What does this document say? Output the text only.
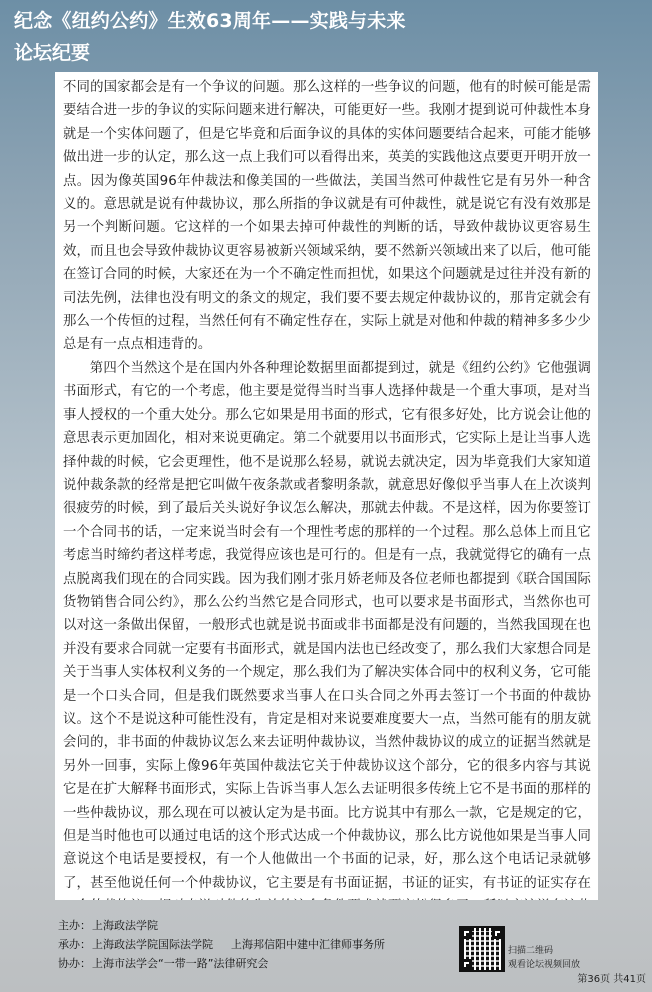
纪念《纽约公约》生效63周年——实践与未来
论坛纪要

不同的国家都会是有一个争议的问题。那么这样的一些争议的问题，他有的时候可能是需要结合进一步的争议的实际问题来进行解决，可能更好一些。我刚才提到说可仲裁性本身就是一个实体问题了，但是它毕竟和后面争议的具体的实体问题要结合起来，可能才能够做出进一步的认定，那么这一点上我们可以看得出来，英美的实践他这点要更开明开放一点。因为像英国96年仲裁法和像美国的一些做法，美国当然可仲裁性它是有另外一种含义的。意思就是说有仲裁协议，那么所指的争议就是有可仲裁性，就是说它有没有效那是另一个判断问题。它这样的一个如果去掉可仲裁性的判断的话，导致仲裁协议更容易生效，而且也会导致仲裁协议更容易被新兴领域采纳，要不然新兴领域出来了以后，他可能在签订合同的时候，大家还在为一个不确定性而担忧，如果这个问题就是过往并没有新的司法先例，法律也没有明文的条文的规定，我们要不要去规定仲裁协议的，那肯定就会有那么一个传恒的过程，当然任何有不确定性存在，实际上就是对他和仲裁的精神多多少少总是有一点点相违背的。

第四个当然这个是在国内外各种理论数据里面都提到过，就是《纽约公约》它他强调书面形式，有它的一个考虑，他主要是觉得当时当事人选择仲裁是一个重大事项，是对当事人授权的一个重大处分。那么它如果是用书面的形式，它有很多好处，比方说会让他的意思表示更加固化，相对来说更确定。第二个就要用以书面形式，它实际上是让当事人选择仲裁的时候，它会更理性，他不是说那么轻易，就说去就决定，因为毕竟我们大家知道说仲裁条款的经常是把它叫做午夜条款或者黎明条款，就意思好像似乎当事人在上次谈判很疲劳的时候，到了最后关头说好争议怎么解决，那就去仲裁。不是这样，因为你要签订一个合同书的话，一定来说当时会有一个理性考虑的那样的一个过程。那么总体上而且它考虑当时缔约者这样考虑，我觉得应该也是可行的。但是有一点，我就觉得它的确有一点点脱离我们现在的合同实践。因为我们刚才张月娇老师及各位老师也都提到《联合国国际货物销售合同公约》，那么公约当然它是合同形式，也可以要求是书面形式，当然你也可以对这一条做出保留，一般形式也就是说书面或非书面都是没有问题的，当然我国现在也并没有要求合同就一定要有书面形式，就是国内法也已经改变了，那么我们大家想合同是关于当事人实体权利义务的一个规定，那么我们为了解决实体合同中的权利义务，它可能是一个口头合同，但是我们既然要求当事人在口头合同之外再去签订一个书面的仲裁协议。这个不是说这种可能性没有，肯定是相对来说要难度要大一点，当然可能有的朋友就会问的，非书面的仲裁协议怎么来去证明仲裁协议，当然仲裁协议的成立的证据当然就是另外一回事，实际上像96年英国仲裁法它关于仲裁协议这个部分，它的很多内容与其说它是在扩大解释书面形式，实际上告诉当事人怎么去证明很多传统上它不是书面的那样的一些仲裁协议，那么现在可以被认定为是书面。比方说其中有那么一款，它是规定的它，但是当时他也可以通过电话的这个形式达成一个仲裁协议，那么比方说他如果是当事人同意说这个电话是要授权，有一个人他做出一个书面的记录，好，那么这个电话记录就够了，甚至他说任何一个仲裁协议，它主要是有书面证据，书证的证实，有书证的证实存在

主办：上海政法学院
承办：上海政法学院国际法学院 上海邦信阳中建中汇律师事务所
协办：上海市法学会“一带一路”法律研究会
扫描二维码
观看论坛视频回放
第36页 共41页
